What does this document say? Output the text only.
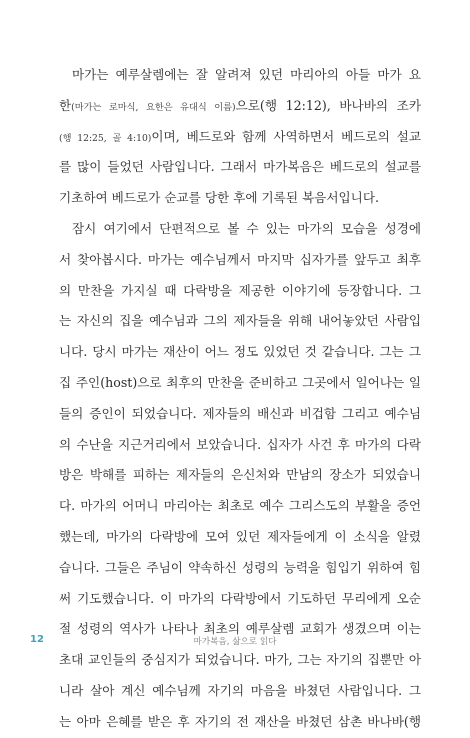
마가는 예루살렘에는 잘 알려져 있던 마리아의 아들 마가 요
한(마가는 로마식, 요한은 유대식 이름)으로(행 12:12), 바나바의 조카
(행 12:25, 골 4:10)이며, 베드로와 함께 사역하면서 베드로의 설교
를 많이 들었던 사람입니다. 그래서 마가복음은 베드로의 설교를
기초하여 베드로가 순교를 당한 후에 기록된 복음서입니다.
잠시 여기에서 단편적으로 볼 수 있는 마가의 모습을 성경에
서 찾아봅시다. 마가는 예수님께서 마지막 십자가를 앞두고 최후
의 만찬을 가지실 때 다락방을 제공한 이야기에 등장합니다. 그
는 자신의 집을 예수님과 그의 제자들을 위해 내어놓았던 사람입
니다. 당시 마가는 재산이 어느 정도 있었던 것 같습니다. 그는 그
집 주인(host)으로 최후의 만찬을 준비하고 그곳에서 일어나는 일
들의 증인이 되었습니다. 제자들의 배신과 비겁함 그리고 예수님
의 수난을 지근거리에서 보았습니다. 십자가 사건 후 마가의 다락
방은 박해를 피하는 제자들의 은신처와 만남의 장소가 되었습니
다. 마가의 어머니 마리아는 최초로 예수 그리스도의 부활을 증언
했는데, 마가의 다락방에 모여 있던 제자들에게 이 소식을 알렸
습니다. 그들은 주님이 약속하신 성령의 능력을 힘입기 위하여 힘
써 기도했습니다. 이 마가의 다락방에서 기도하던 무리에게 오순
절 성령의 역사가 나타나 최초의 예루살렘 교회가 생겼으며 이는
초대 교인들의 중심지가 되었습니다. 마가, 그는 자기의 집뿐만 아
니라 살아 계신 예수님께 자기의 마음을 바쳤던 사람입니다. 그
는 아마 은혜를 받은 후 자기의 전 재산을 바쳤던 삼촌 바나바(행
12	마가복음, 삶으로 읽다
